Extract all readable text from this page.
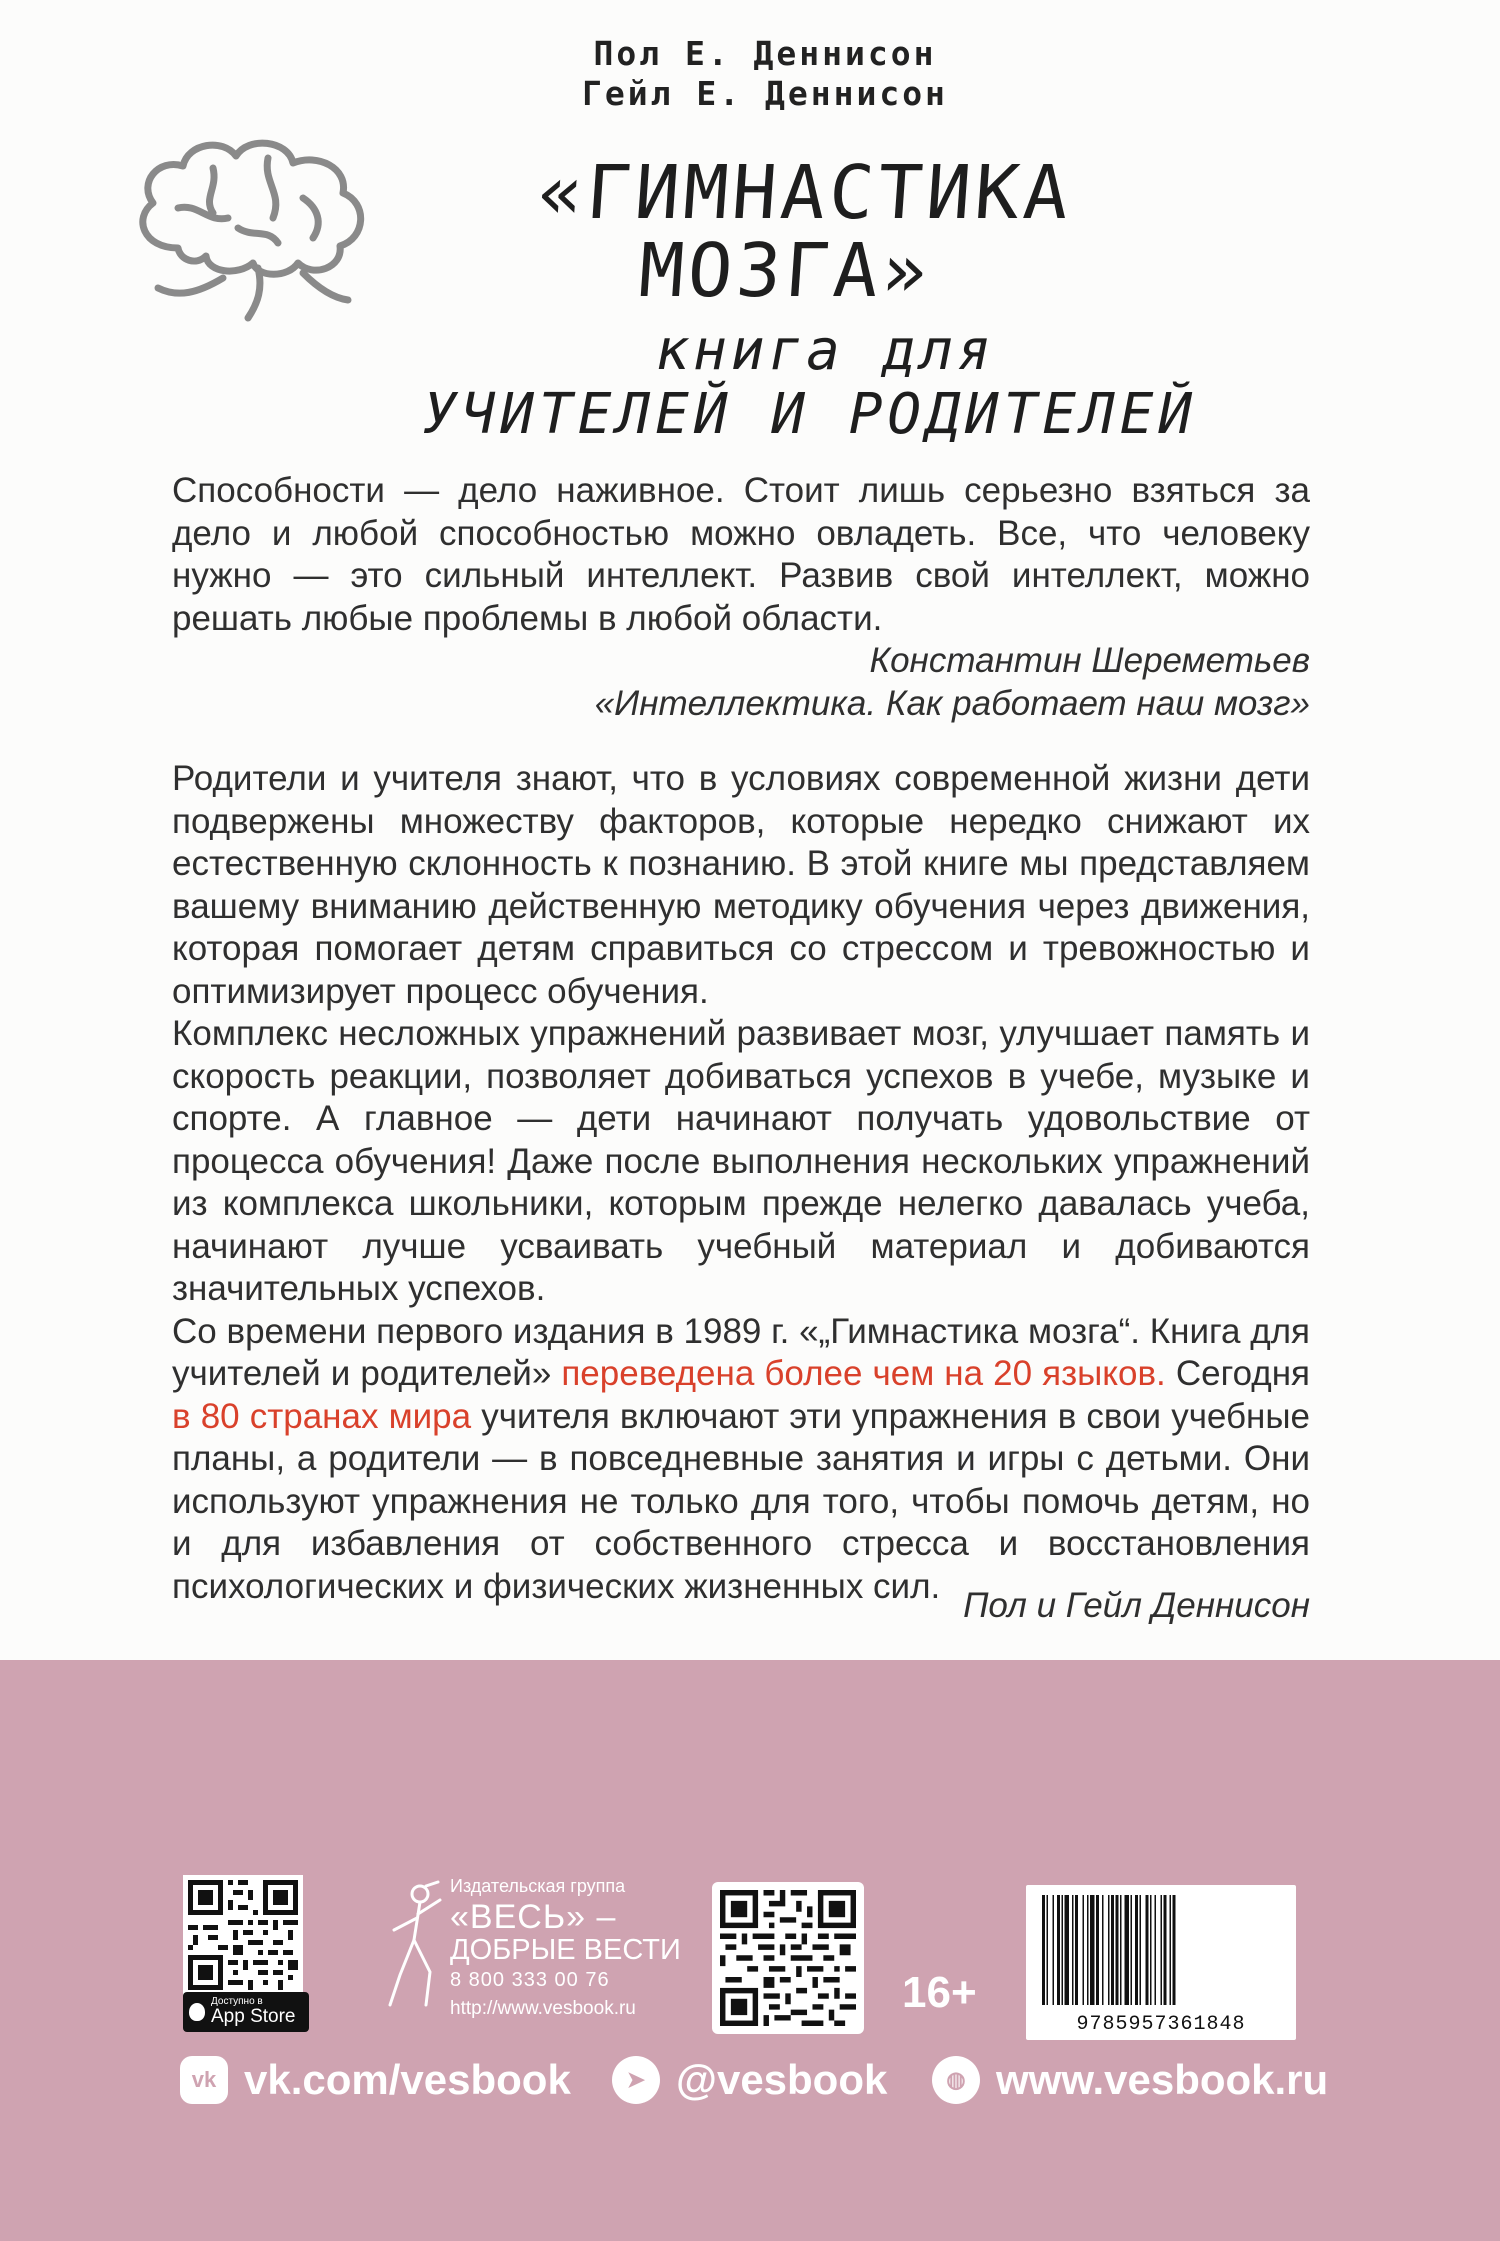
Пол Е. Деннисон
Гейл Е. Деннисон
«ГИМНАСТИКА
МОЗГА»
книга для
УЧИТЕЛЕЙ И РОДИТЕЛЕЙ
Способности — дело наживное. Стоит лишь серьезно взяться за дело и любой способностью можно овладеть. Все, что человеку нужно — это сильный интеллект. Развив свой интеллект, можно решать любые проблемы в любой области.
Константин Шереметьев
«Интеллектика. Как работает наш мозг»

Родители и учителя знают, что в условиях современной жизни дети подвержены множеству факторов, которые нередко снижают их естественную склонность к познанию. В этой книге мы представляем вашему вниманию действенную методику обучения через движения, которая помогает детям справиться со стрессом и тревожностью и оптимизирует процесс обучения.

Комплекс несложных упражнений развивает мозг, улучшает память и скорость реакции, позволяет добиваться успехов в учебе, музыке и спорте. А главное — дети начинают получать удовольствие от процесса обучения! Даже после выполнения нескольких упражнений из комплекса школьники, которым прежде нелегко давалась учеба, начинают лучше усваивать учебный материал и добиваются значительных успехов.

Со времени первого издания в 1989 г. «„Гимнастика мозга“. Книга для учителей и родителей» переведена более чем на 20 языков. Сегодня в 80 странах мира учителя включают эти упражнения в свои учебные планы, а родители — в повседневные занятия и игры с детьми. Они используют упражнения не только для того, чтобы помочь детям, но и для избавления от собственного стресса и восстановления психологических и физических жизненных сил. Пол и Гейл Деннисон
Доступно в
App Store
Издательская группа
«ВЕСЬ» –
ДОБРЫЕ ВЕСТИ
8 800 333 00 76
http://www.vesbook.ru	16+
9785957361848
vk vk.com/vesbook	➤ @vesbook	◍ www.vesbook.ru
